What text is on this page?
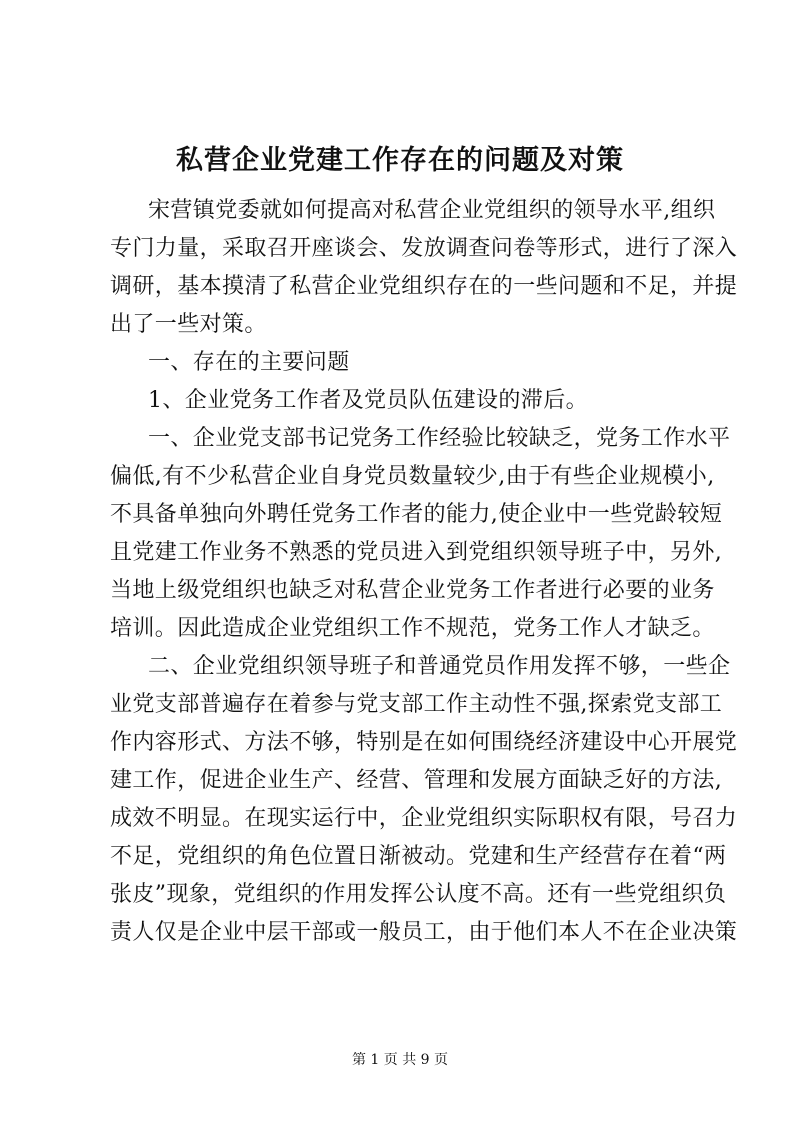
私营企业党建工作存在的问题及对策
宋营镇党委就如何提高对私营企业党组织的领导水平,组织
专门力量，采取召开座谈会、发放调查问卷等形式，进行了深入
调研，基本摸清了私营企业党组织存在的一些问题和不足，并提
出了一些对策。
一、存在的主要问题
1、企业党务工作者及党员队伍建设的滞后。
一、企业党支部书记党务工作经验比较缺乏，党务工作水平
偏低,有不少私营企业自身党员数量较少,由于有些企业规模小,
不具备单独向外聘任党务工作者的能力,使企业中一些党龄较短
且党建工作业务不熟悉的党员进入到党组织领导班子中，另外,
当地上级党组织也缺乏对私营企业党务工作者进行必要的业务
培训。因此造成企业党组织工作不规范，党务工作人才缺乏。
二、企业党组织领导班子和普通党员作用发挥不够，一些企
业党支部普遍存在着参与党支部工作主动性不强,探索党支部工
作内容形式、方法不够，特别是在如何围绕经济建设中心开展党
建工作，促进企业生产、经营、管理和发展方面缺乏好的方法,
成效不明显。在现实运行中，企业党组织实际职权有限，号召力
不足，党组织的角色位置日渐被动。党建和生产经营存在着“两
张皮”现象，党组织的作用发挥公认度不高。还有一些党组织负
责人仅是企业中层干部或一般员工，由于他们本人不在企业决策
第 1 页 共 9 页
